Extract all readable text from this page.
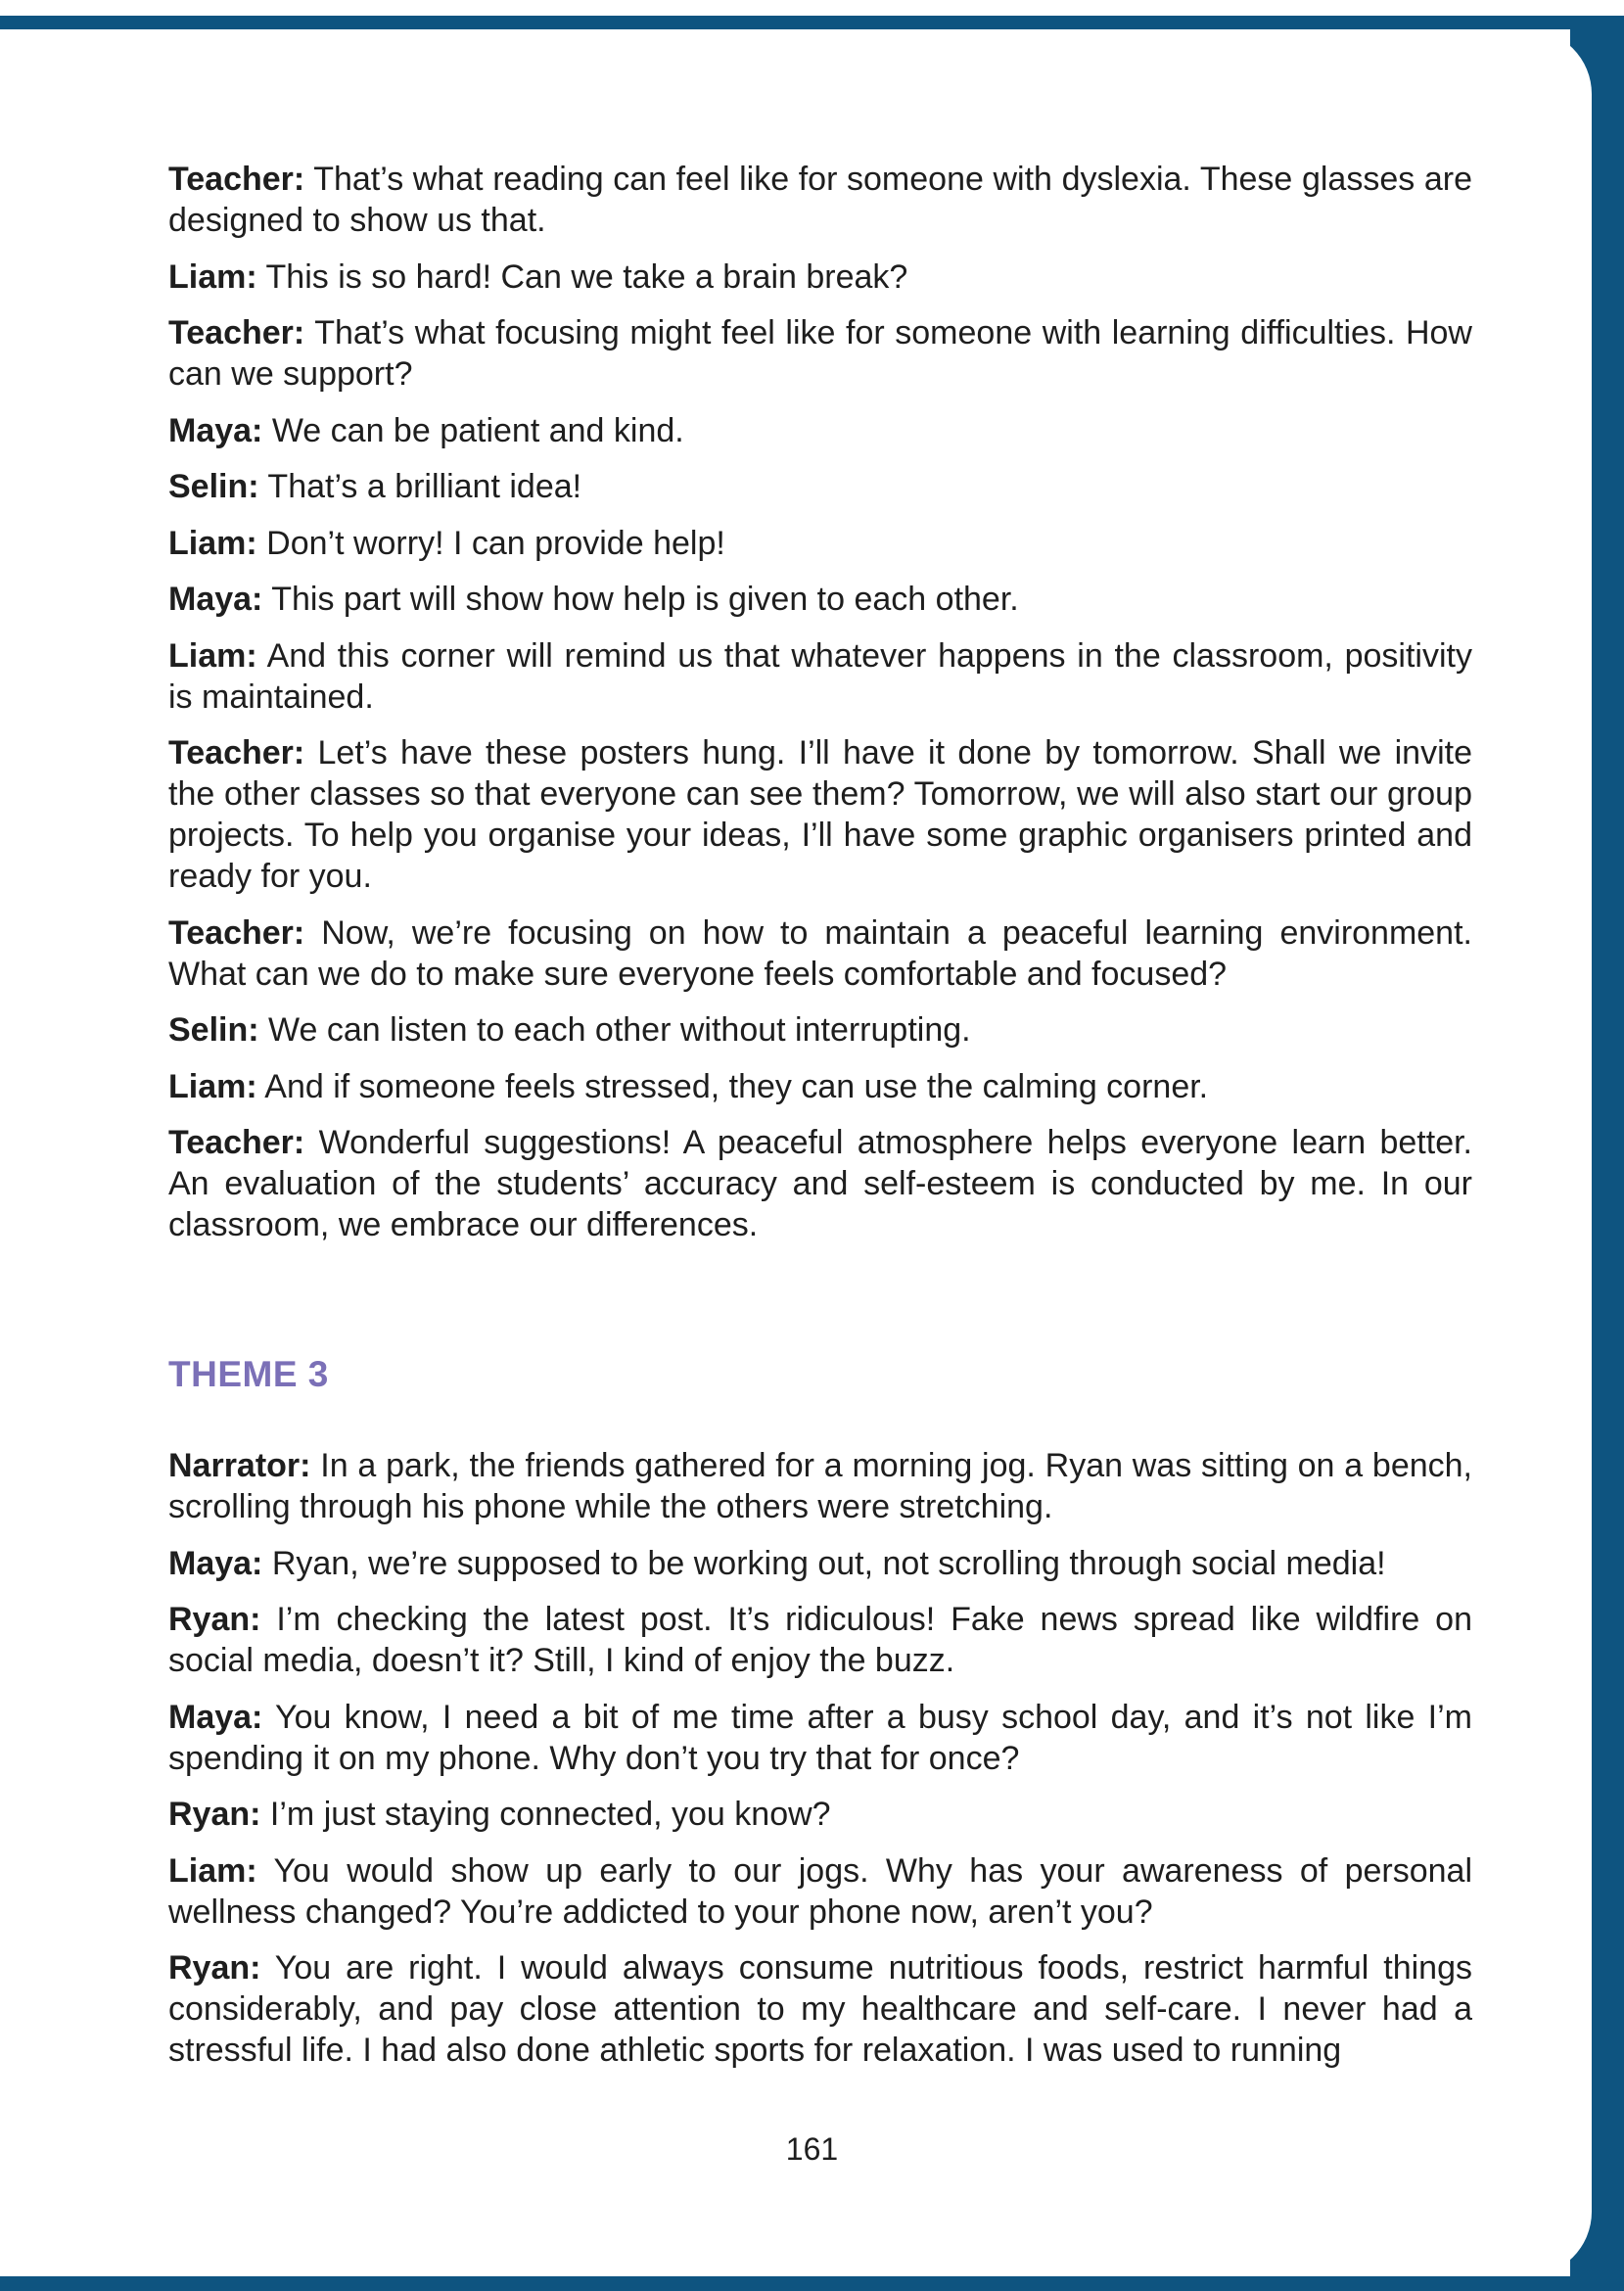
Teacher: That’s what reading can feel like for someone with dyslexia. These glasses are designed to show us that.

Liam: This is so hard! Can we take a brain break?

Teacher: That’s what focusing might feel like for someone with learning difficulties. How can we support?

Maya: We can be patient and kind.

Selin: That’s a brilliant idea!

Liam: Don’t worry! I can provide help!

Maya: This part will show how help is given to each other.

Liam: And this corner will remind us that whatever happens in the classroom, positivity is maintained.

Teacher: Let’s have these posters hung. I’ll have it done by tomorrow. Shall we invite the other classes so that everyone can see them? Tomorrow, we will also start our group projects. To help you organise your ideas, I’ll have some graphic organisers printed and ready for you.

Teacher: Now, we’re focusing on how to maintain a peaceful learning environment. What can we do to make sure everyone feels comfortable and focused?

Selin: We can listen to each other without interrupting.

Liam: And if someone feels stressed, they can use the calming corner.

Teacher: Wonderful suggestions! A peaceful atmosphere helps everyone learn better. An evaluation of the students’ accuracy and self-esteem is conducted by me. In our classroom, we embrace our differences.

THEME 3

Narrator: In a park, the friends gathered for a morning jog. Ryan was sitting on a bench, scrolling through his phone while the others were stretching.

Maya: Ryan, we’re supposed to be working out, not scrolling through social media!

Ryan: I’m checking the latest post. It’s ridiculous! Fake news spread like wildfire on social media, doesn’t it? Still, I kind of enjoy the buzz.

Maya: You know, I need a bit of me time after a busy school day, and it’s not like I’m spending it on my phone. Why don’t you try that for once?

Ryan: I’m just staying connected, you know?

Liam: You would show up early to our jogs. Why has your awareness of personal wellness changed? You’re addicted to your phone now, aren’t you?

Ryan: You are right. I would always consume nutritious foods, restrict harmful things considerably, and pay close attention to my healthcare and self-care. I never had a stressful life. I had also done athletic sports for relaxation. I was used to running

161
